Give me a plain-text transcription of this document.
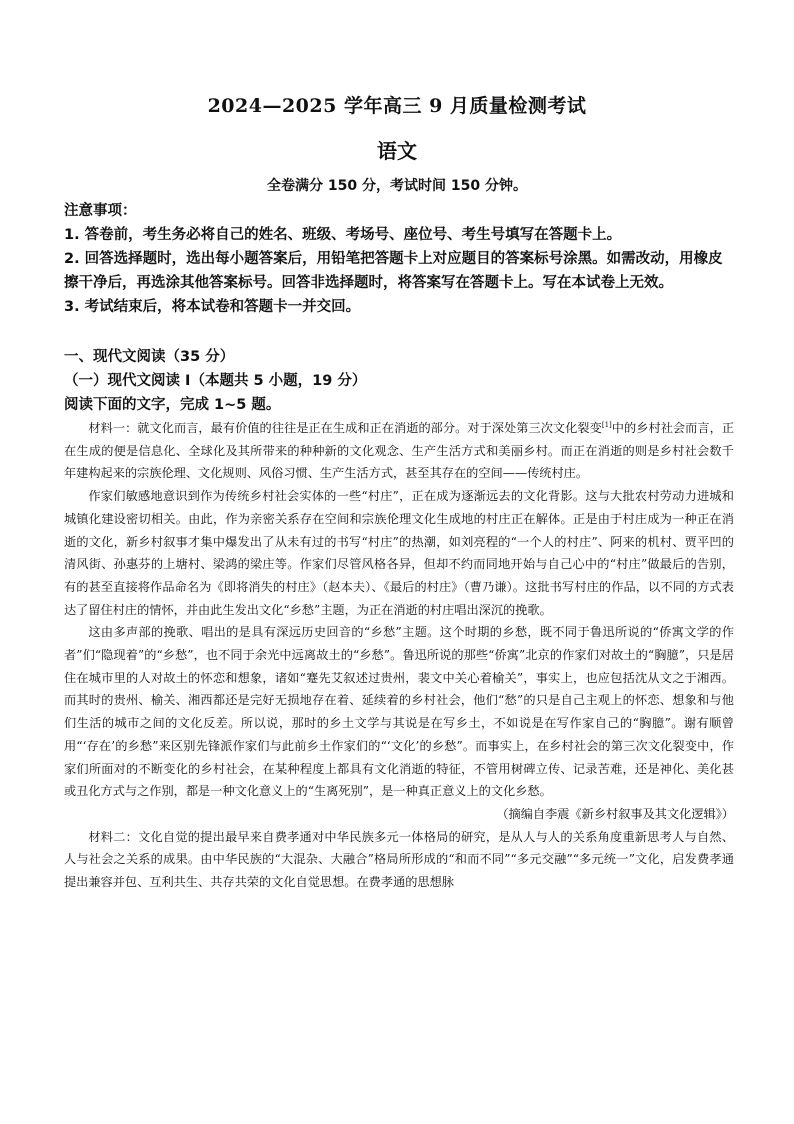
2024—2025 学年高三 9 月质量检测考试
语文
全卷满分 150 分，考试时间 150 分钟。

注意事项：

1. 答卷前，考生务必将自己的姓名、班级、考场号、座位号、考生号填写在答题卡上。

2. 回答选择题时，选出每小题答案后，用铅笔把答题卡上对应题目的答案标号涂黑。如需改动，用橡皮擦干净后，再选涂其他答案标号。回答非选择题时，将答案写在答题卡上。写在本试卷上无效。

3. 考试结束后，将本试卷和答题卡一并交回。

一、现代文阅读（35 分）

（一）现代文阅读 I（本题共 5 小题，19 分）

阅读下面的文字，完成 1~5 题。

材料一：就文化而言，最有价值的往往是正在生成和正在消逝的部分。对于深处第三次文化裂变[1]中的乡村社会而言，正在生成的便是信息化、全球化及其所带来的种种新的文化观念、生产生活方式和美丽乡村。而正在消逝的则是乡村社会数千年建构起来的宗族伦理、文化规则、风俗习惯、生产生活方式，甚至其存在的空间——传统村庄。

作家们敏感地意识到作为传统乡村社会实体的一些“村庄”，正在成为逐渐远去的文化背影。这与大批农村劳动力进城和城镇化建设密切相关。由此，作为亲密关系存在空间和宗族伦理文化生成地的村庄正在解体。正是由于村庄成为一种正在消逝的文化，新乡村叙事才集中爆发出了从未有过的书写“村庄”的热潮，如刘亮程的“一个人的村庄”、阿来的机村、贾平凹的清风街、孙惠芬的上塘村、梁鸿的梁庄等。作家们尽管风格各异，但却不约而同地开始与自己心中的“村庄”做最后的告别，有的甚至直接将作品命名为《即将消失的村庄》（赵本夫）、《最后的村庄》（曹乃谦）。这批书写村庄的作品，以不同的方式表达了留住村庄的情怀，并由此生发出文化“乡愁”主题，为正在消逝的村庄唱出深沉的挽歌。

这由多声部的挽歌、唱出的是具有深远历史回音的“乡愁”主题。这个时期的乡愁，既不同于鲁迅所说的“侨寓文学的作者”们“隐现着”的“乡愁”，也不同于余光中远离故土的“乡愁”。鲁迅所说的那些“侨寓”北京的作家们对故土的“胸臆”，只是居住在城市里的人对故土的怀恋和想象，诸如“蹇先艾叙述过贵州，裴文中关心着榆关”，事实上，也应包括沈从文之于湘西。而其时的贵州、榆关、湘西都还是完好无损地存在着、延续着的乡村社会，他们“愁”的只是自己主观上的怀恋、想象和与他们生活的城市之间的文化反差。所以说，那时的乡土文学与其说是在写乡土，不如说是在写作家自己的“胸臆”。谢有顺曾用“‘存在’的乡愁”来区别先锋派作家们与此前乡土作家们的“‘文化’的乡愁”。而事实上，在乡村社会的第三次文化裂变中，作家们所面对的不断变化的乡村社会，在某种程度上都具有文化消逝的特征，不管用树碑立传、记录苦难，还是神化、美化甚或丑化方式与之作别，都是一种文化意义上的“生离死别”，是一种真正意义上的文化乡愁。

（摘编自李震《新乡村叙事及其文化逻辑》）

材料二：文化自觉的提出最早来自费孝通对中华民族多元一体格局的研究，是从人与人的关系角度重新思考人与自然、人与社会之关系的成果。由中华民族的“大混杂、大融合”格局所形成的“和而不同”“多元交融”“多元统一”文化，启发费孝通提出兼容并包、互利共生、共存共荣的文化自觉思想。在费孝通的思想脉
